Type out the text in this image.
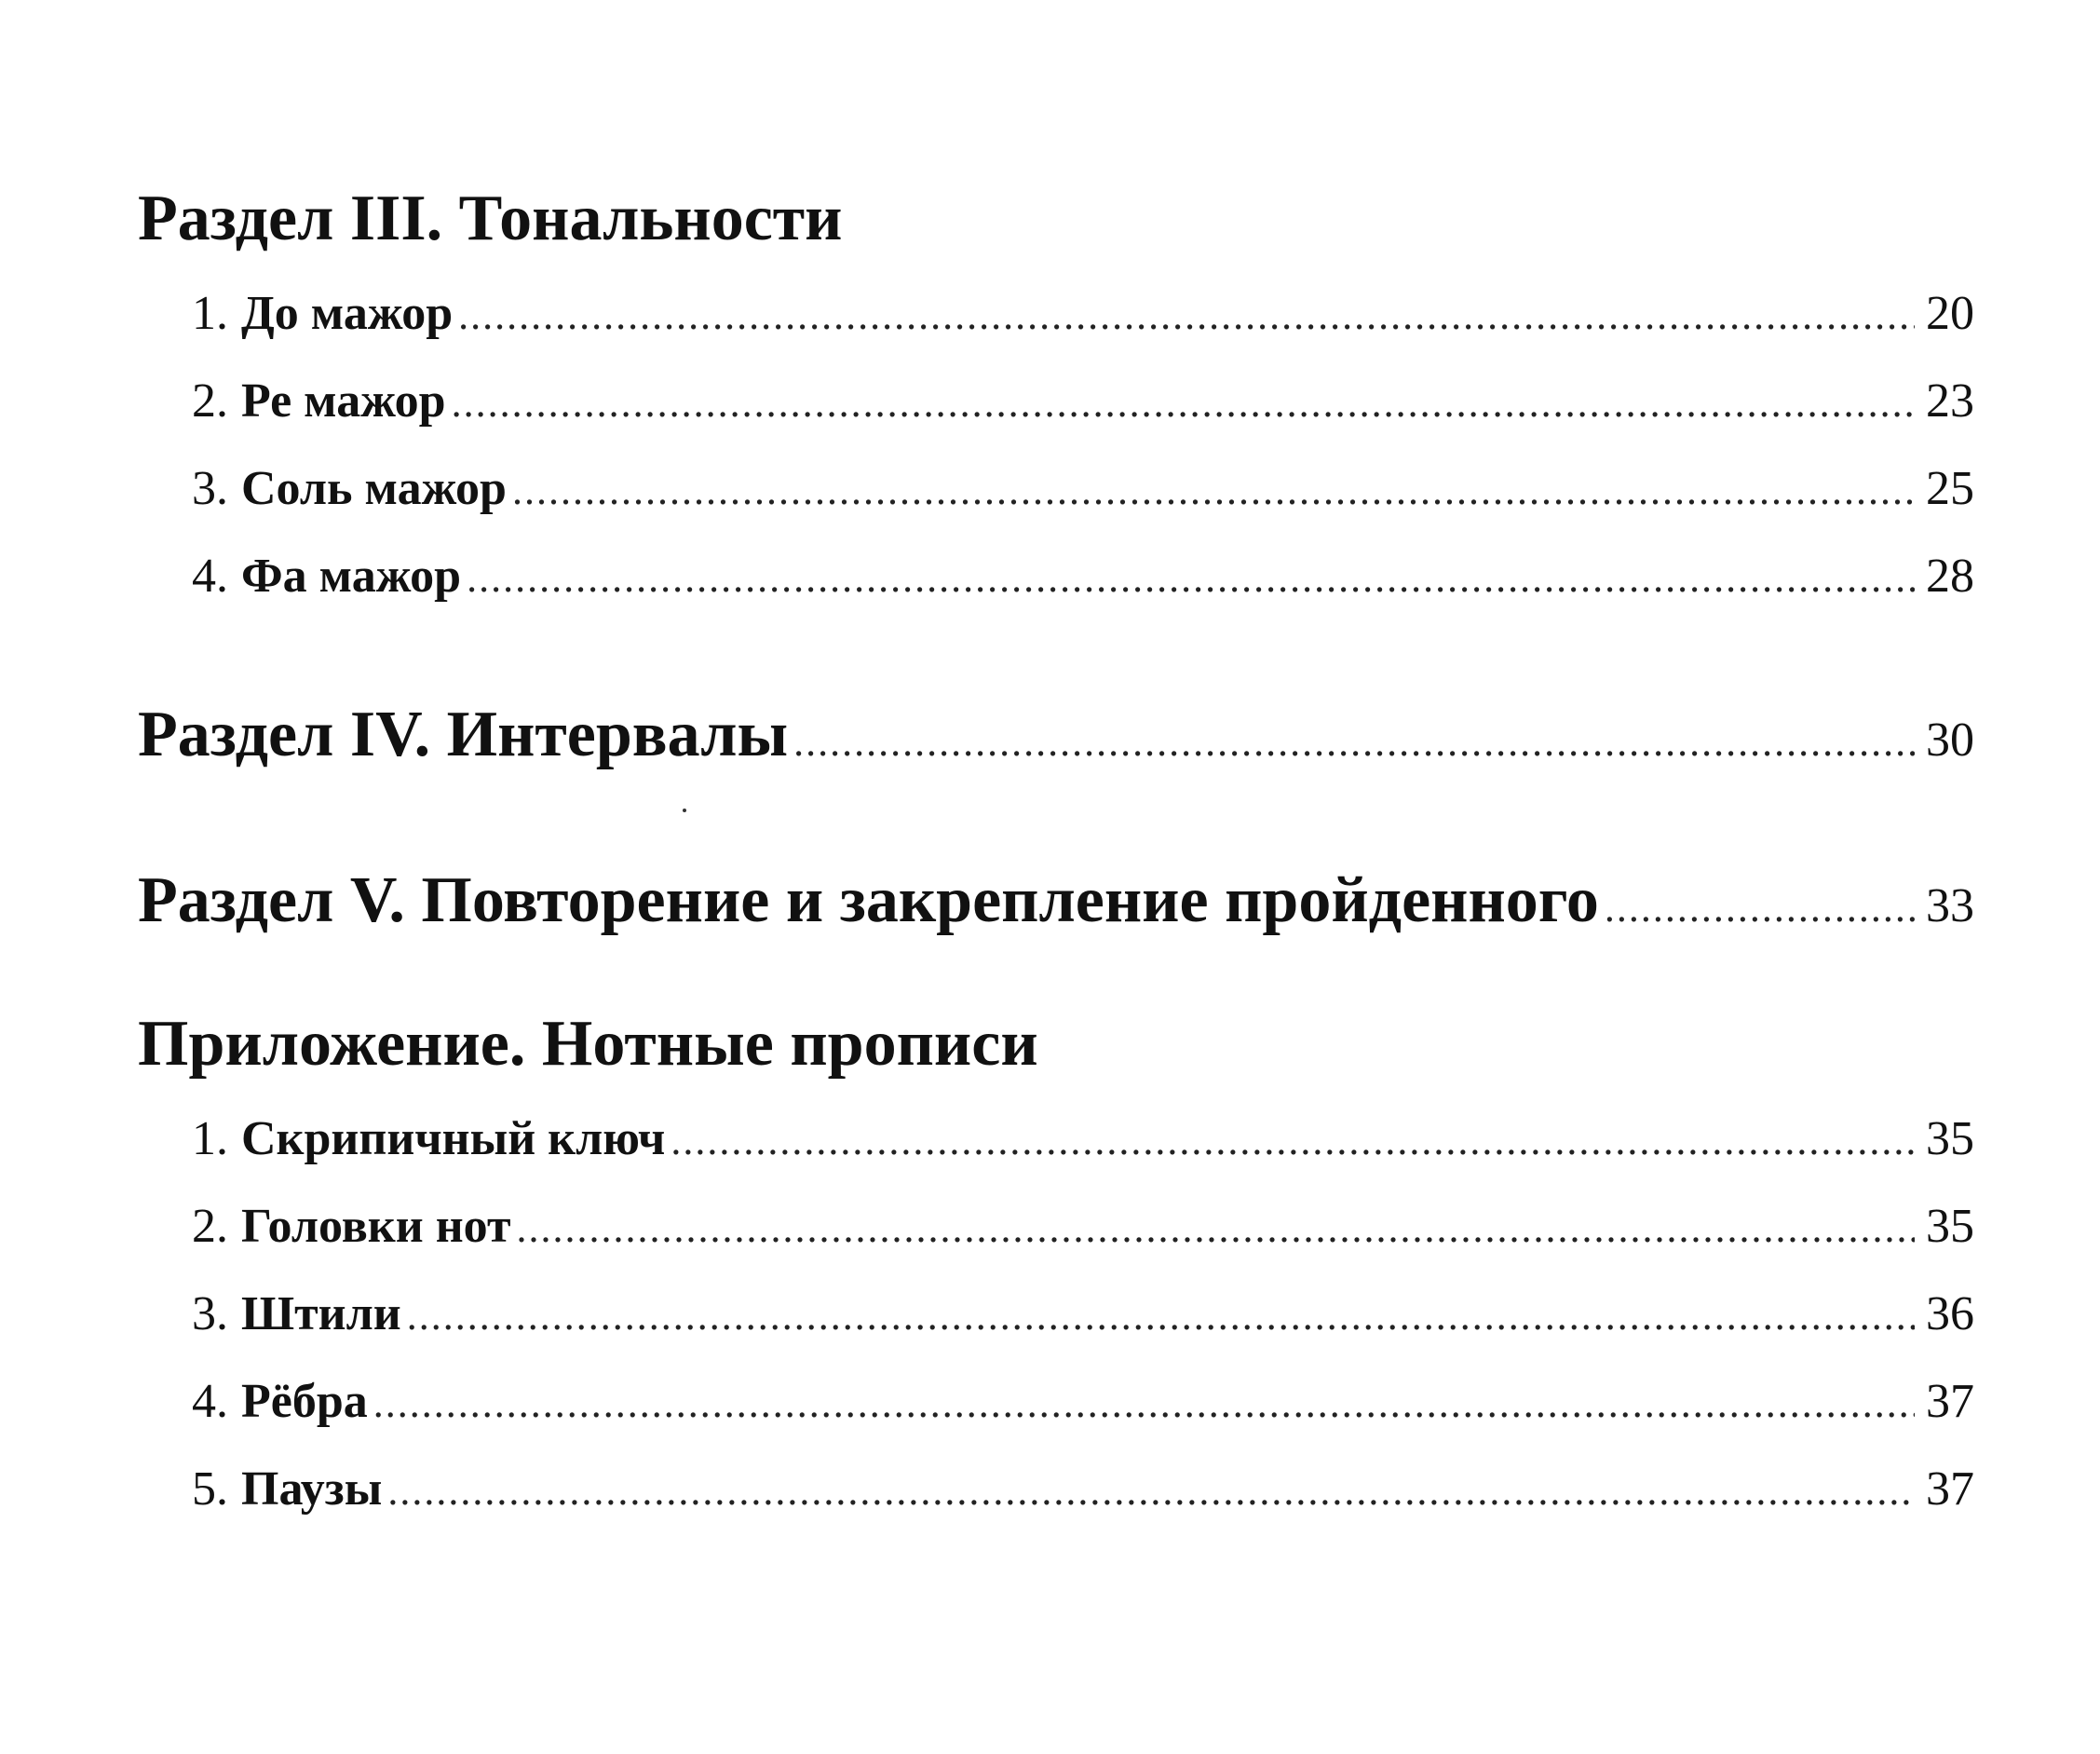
Раздел III. Тональности
1. До мажор .....	20
2. Ре мажор .....	23
3. Соль мажор .....	25
4. Фа мажор .....	28
Раздел IV. Интервалы .....	30
Раздел V. Повторение и закрепление пройденного .....	33
Приложение. Нотные прописи
1. Скрипичный ключ .....	35
2. Головки нот .....	35
3. Штили .....	36
4. Рёбра .....	37
5. Паузы .....	37
